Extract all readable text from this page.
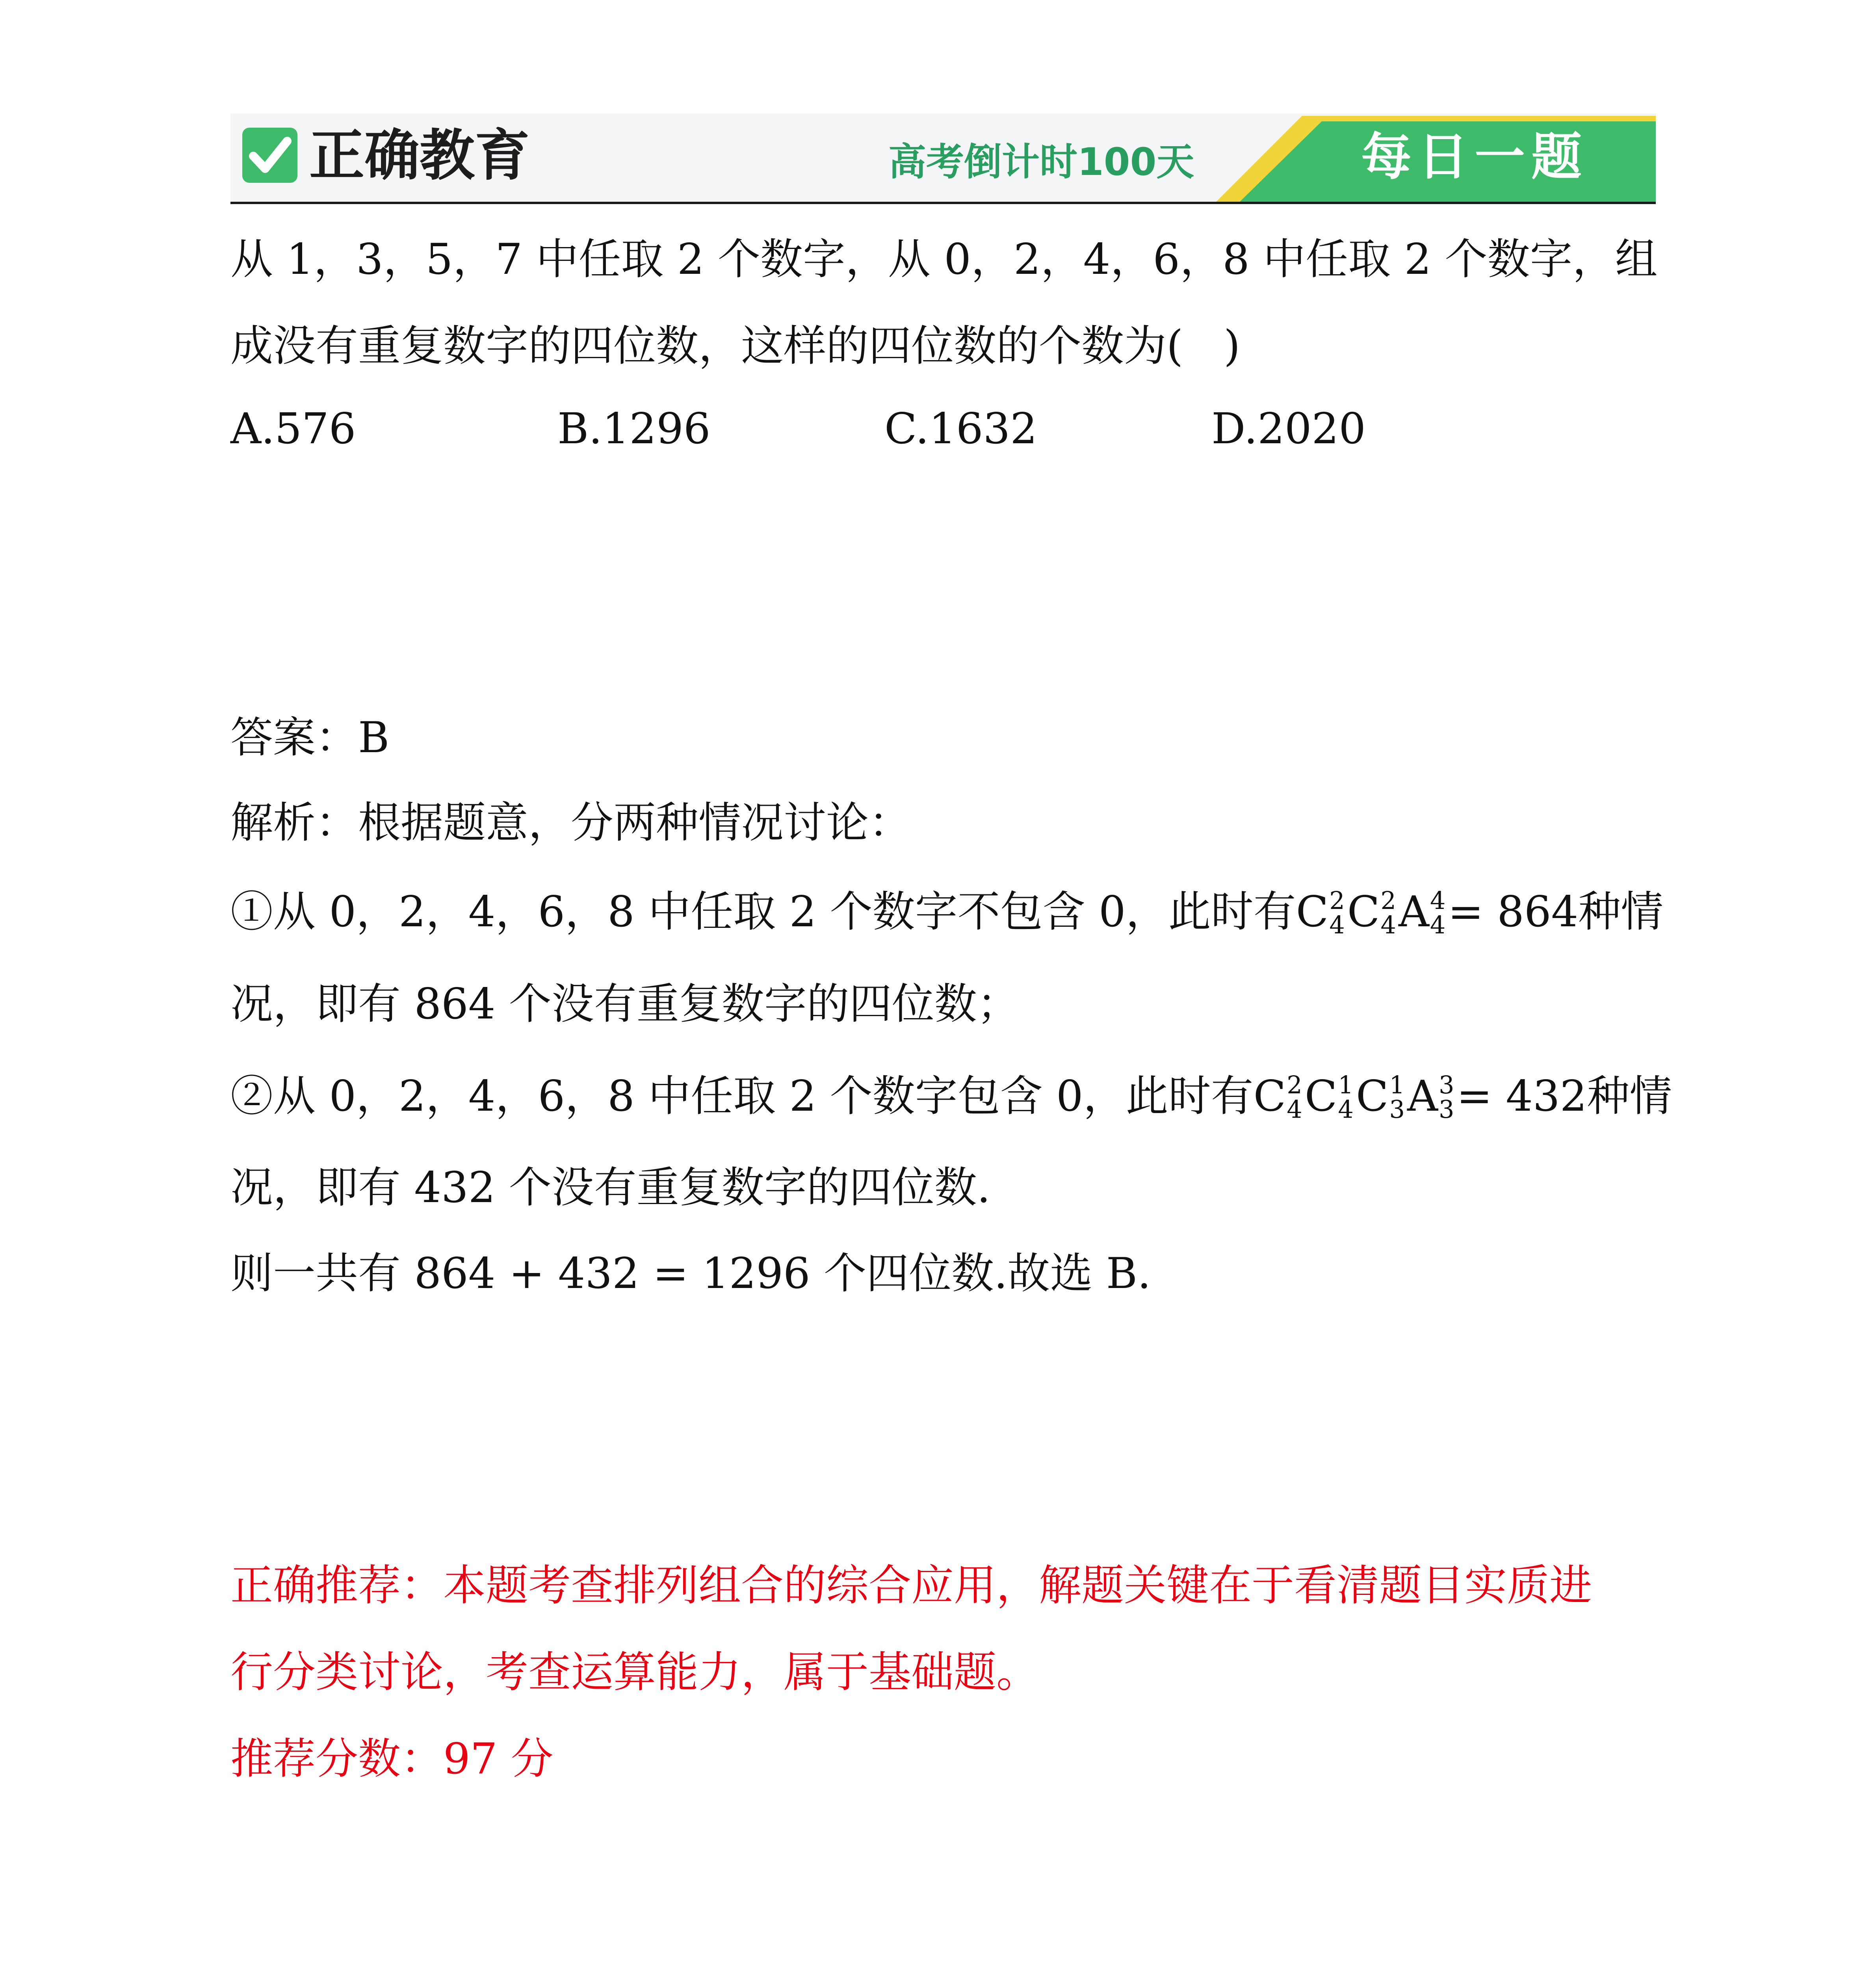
正确教育	高考倒计时100天	每日一题
从 1，3，5，7 中任取 2 个数字，从 0，2，4，6，8 中任取 2 个数字，组
成没有重复数字的四位数，这样的四位数的个数为(   )
A.576	B.1296	C.1632	D.2020
答案：B
解析：根据题意，分两种情况讨论：
①从 0，2，4，6，8 中任取 2 个数字不包含 0，此时有C 2
4 C 2
4 A 4
4 = 864种情
况，即有 864 个没有重复数字的四位数；
②从 0，2，4，6，8 中任取 2 个数字包含 0，此时有C 2
4 C 1
4 C 1
3 A 3
3 = 432种情
况，即有 432 个没有重复数字的四位数.
则一共有 864 + 432 = 1296 个四位数.故选 B.
正确推荐：本题考查排列组合的综合应用，解题关键在于看清题目实质进
行分类讨论，考查运算能力，属于基础题。
推荐分数：97 分
